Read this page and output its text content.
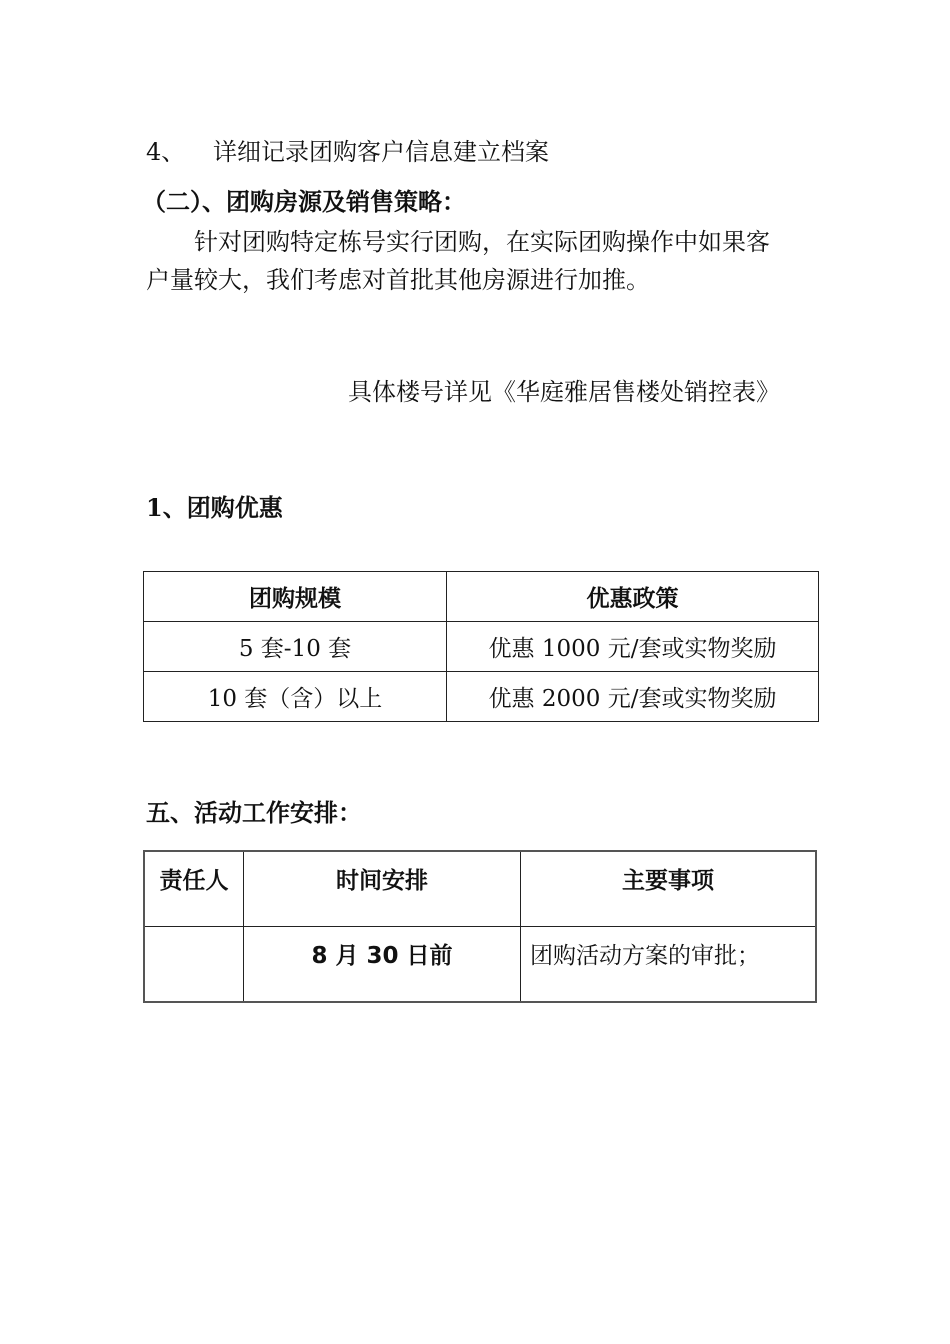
4、 详细记录团购客户信息建立档案
（二）、团购房源及销售策略：
针对团购特定栋号实行团购，在实际团购操作中如果客
户量较大，我们考虑对首批其他房源进行加推。
具体楼号详见《华庭雅居售楼处销控表》
1、团购优惠
团购规模	优惠政策
5 套-10 套	优惠 1000 元/套或实物奖励
10 套（含）以上	优惠 2000 元/套或实物奖励
五、活动工作安排：
责任人	时间安排	主要事项
	8 月 30 日前	团购活动方案的审批；
